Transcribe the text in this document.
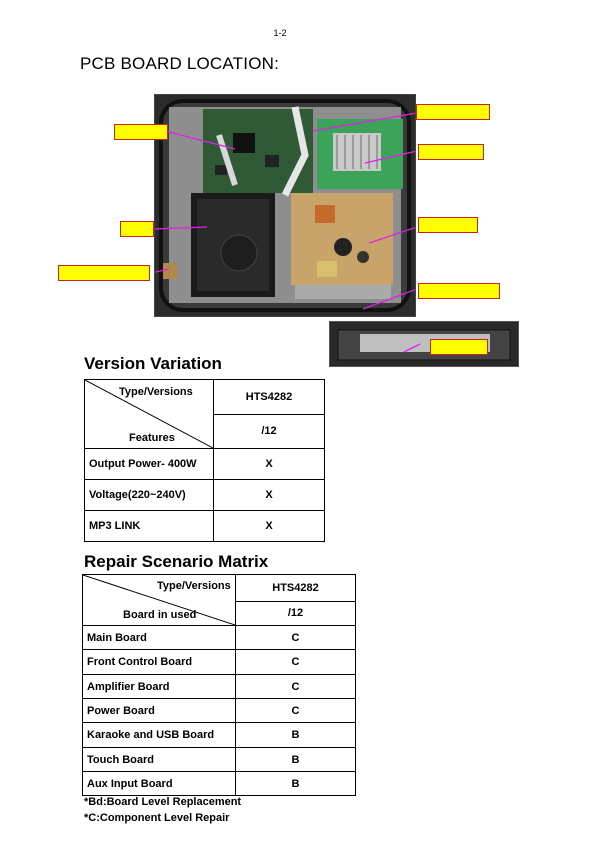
1-2
PCB BOARD LOCATION:
Version Variation
Type/Versions
Features	HTS4282
	/12
Output Power- 400W	X
Voltage(220~240V)	X
MP3 LINK	X
Repair Scenario Matrix
Type/Versions
Board in used	HTS4282
	/12
Main Board	C
Front Control Board	C
Amplifier Board	C
Power Board	C
Karaoke and USB Board	B
Touch Board	B
Aux Input Board	B
*Bd:Board Level Replacement
*C:Component Level Repair
